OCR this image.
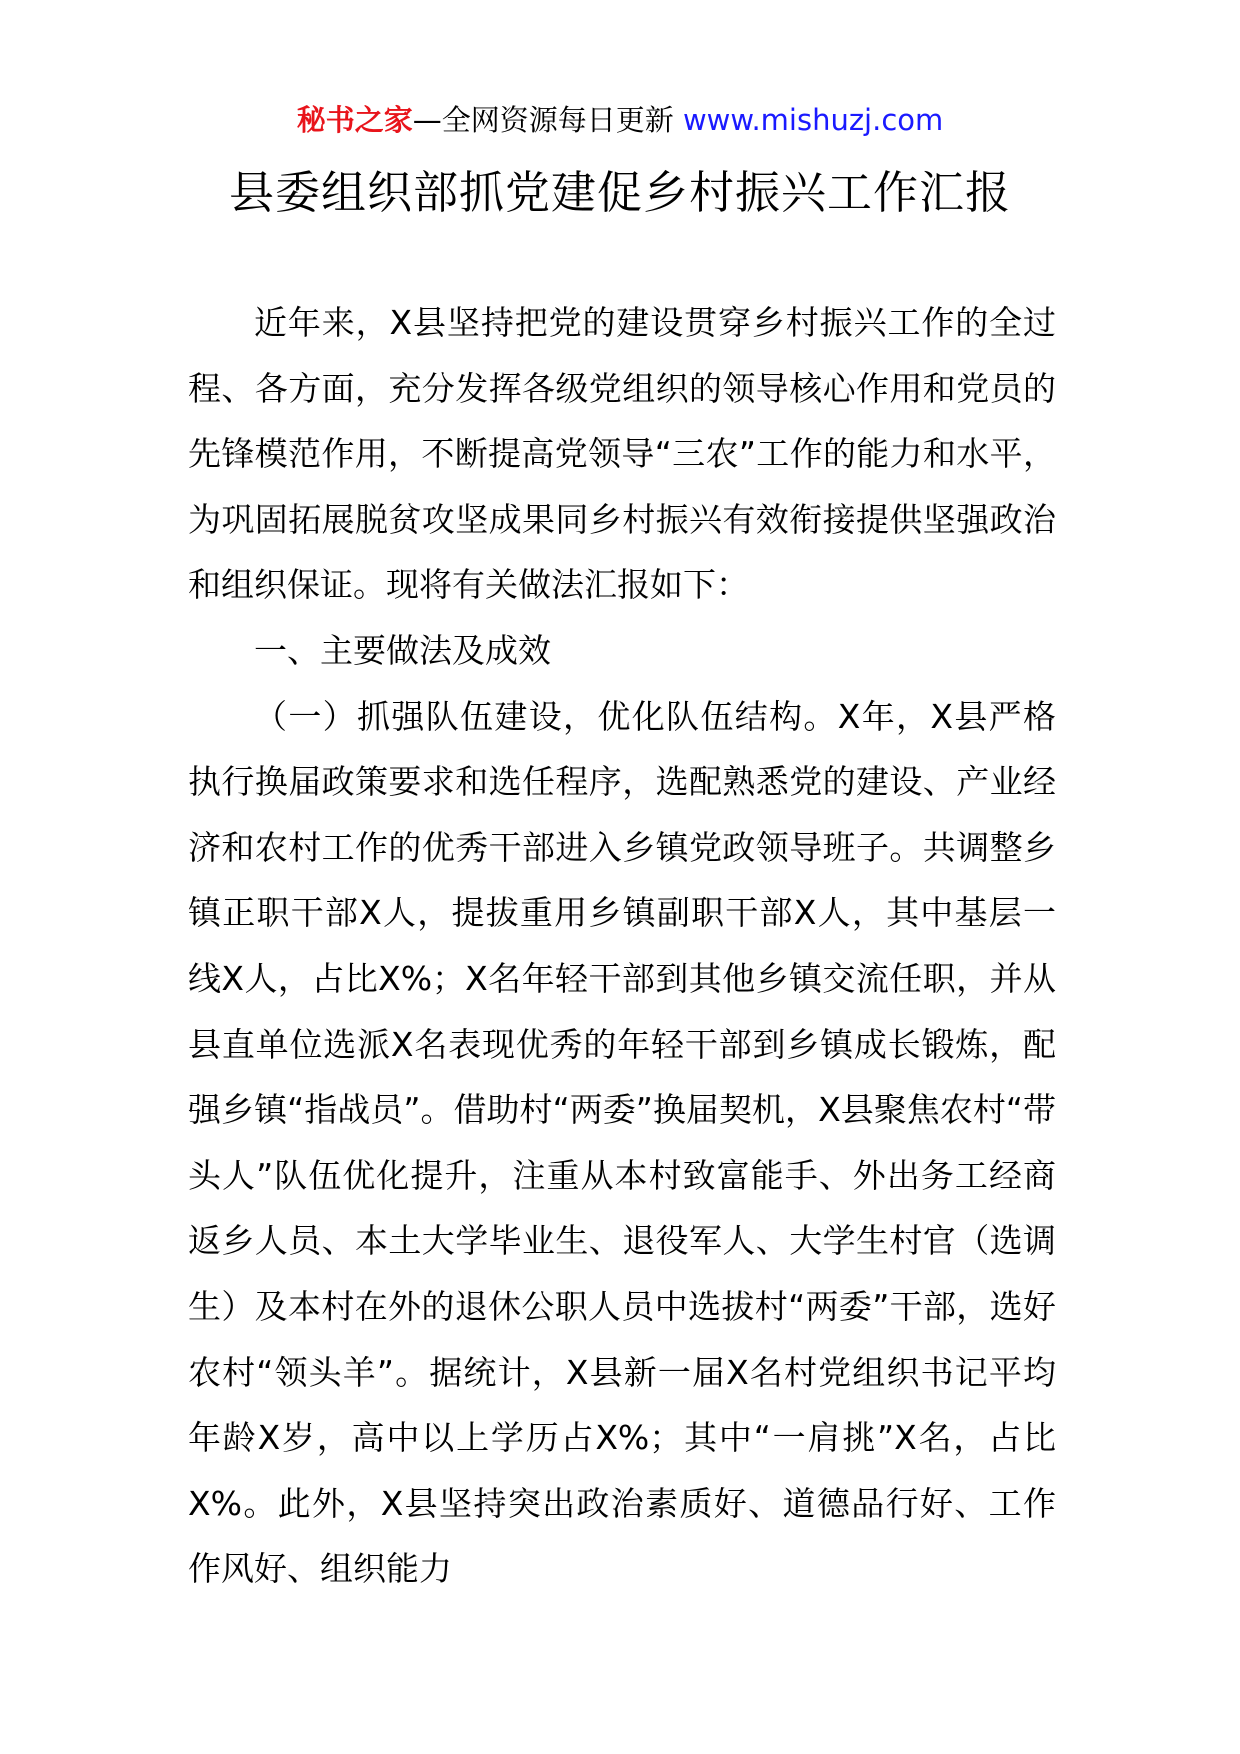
秘书之家—全网资源每日更新 www.mishuzj.com
县委组织部抓党建促乡村振兴工作汇报

近年来，X县坚持把党的建设贯穿乡村振兴工作的全过程、各方面，充分发挥各级党组织的领导核心作用和党员的先锋模范作用，不断提高党领导“三农”工作的能力和水平，为巩固拓展脱贫攻坚成果同乡村振兴有效衔接提供坚强政治和组织保证。现将有关做法汇报如下：

一、主要做法及成效

（一）抓强队伍建设，优化队伍结构。X年，X县严格执行换届政策要求和选任程序，选配熟悉党的建设、产业经济和农村工作的优秀干部进入乡镇党政领导班子。共调整乡镇正职干部X人，提拔重用乡镇副职干部X人，其中基层一线X人，占比X%；X名年轻干部到其他乡镇交流任职，并从县直单位选派X名表现优秀的年轻干部到乡镇成长锻炼，配强乡镇“指战员”。借助村“两委”换届契机，X县聚焦农村“带头人”队伍优化提升，注重从本村致富能手、外出务工经商返乡人员、本土大学毕业生、退役军人、大学生村官（选调生）及本村在外的退休公职人员中选拔村“两委”干部，选好农村“领头羊”。据统计，X县新一届X名村党组织书记平均年龄X岁，高中以上学历占X%；其中“一肩挑”X名，占比X%。此外，X县坚持突出政治素质好、道德品行好、工作作风好、组织能力
